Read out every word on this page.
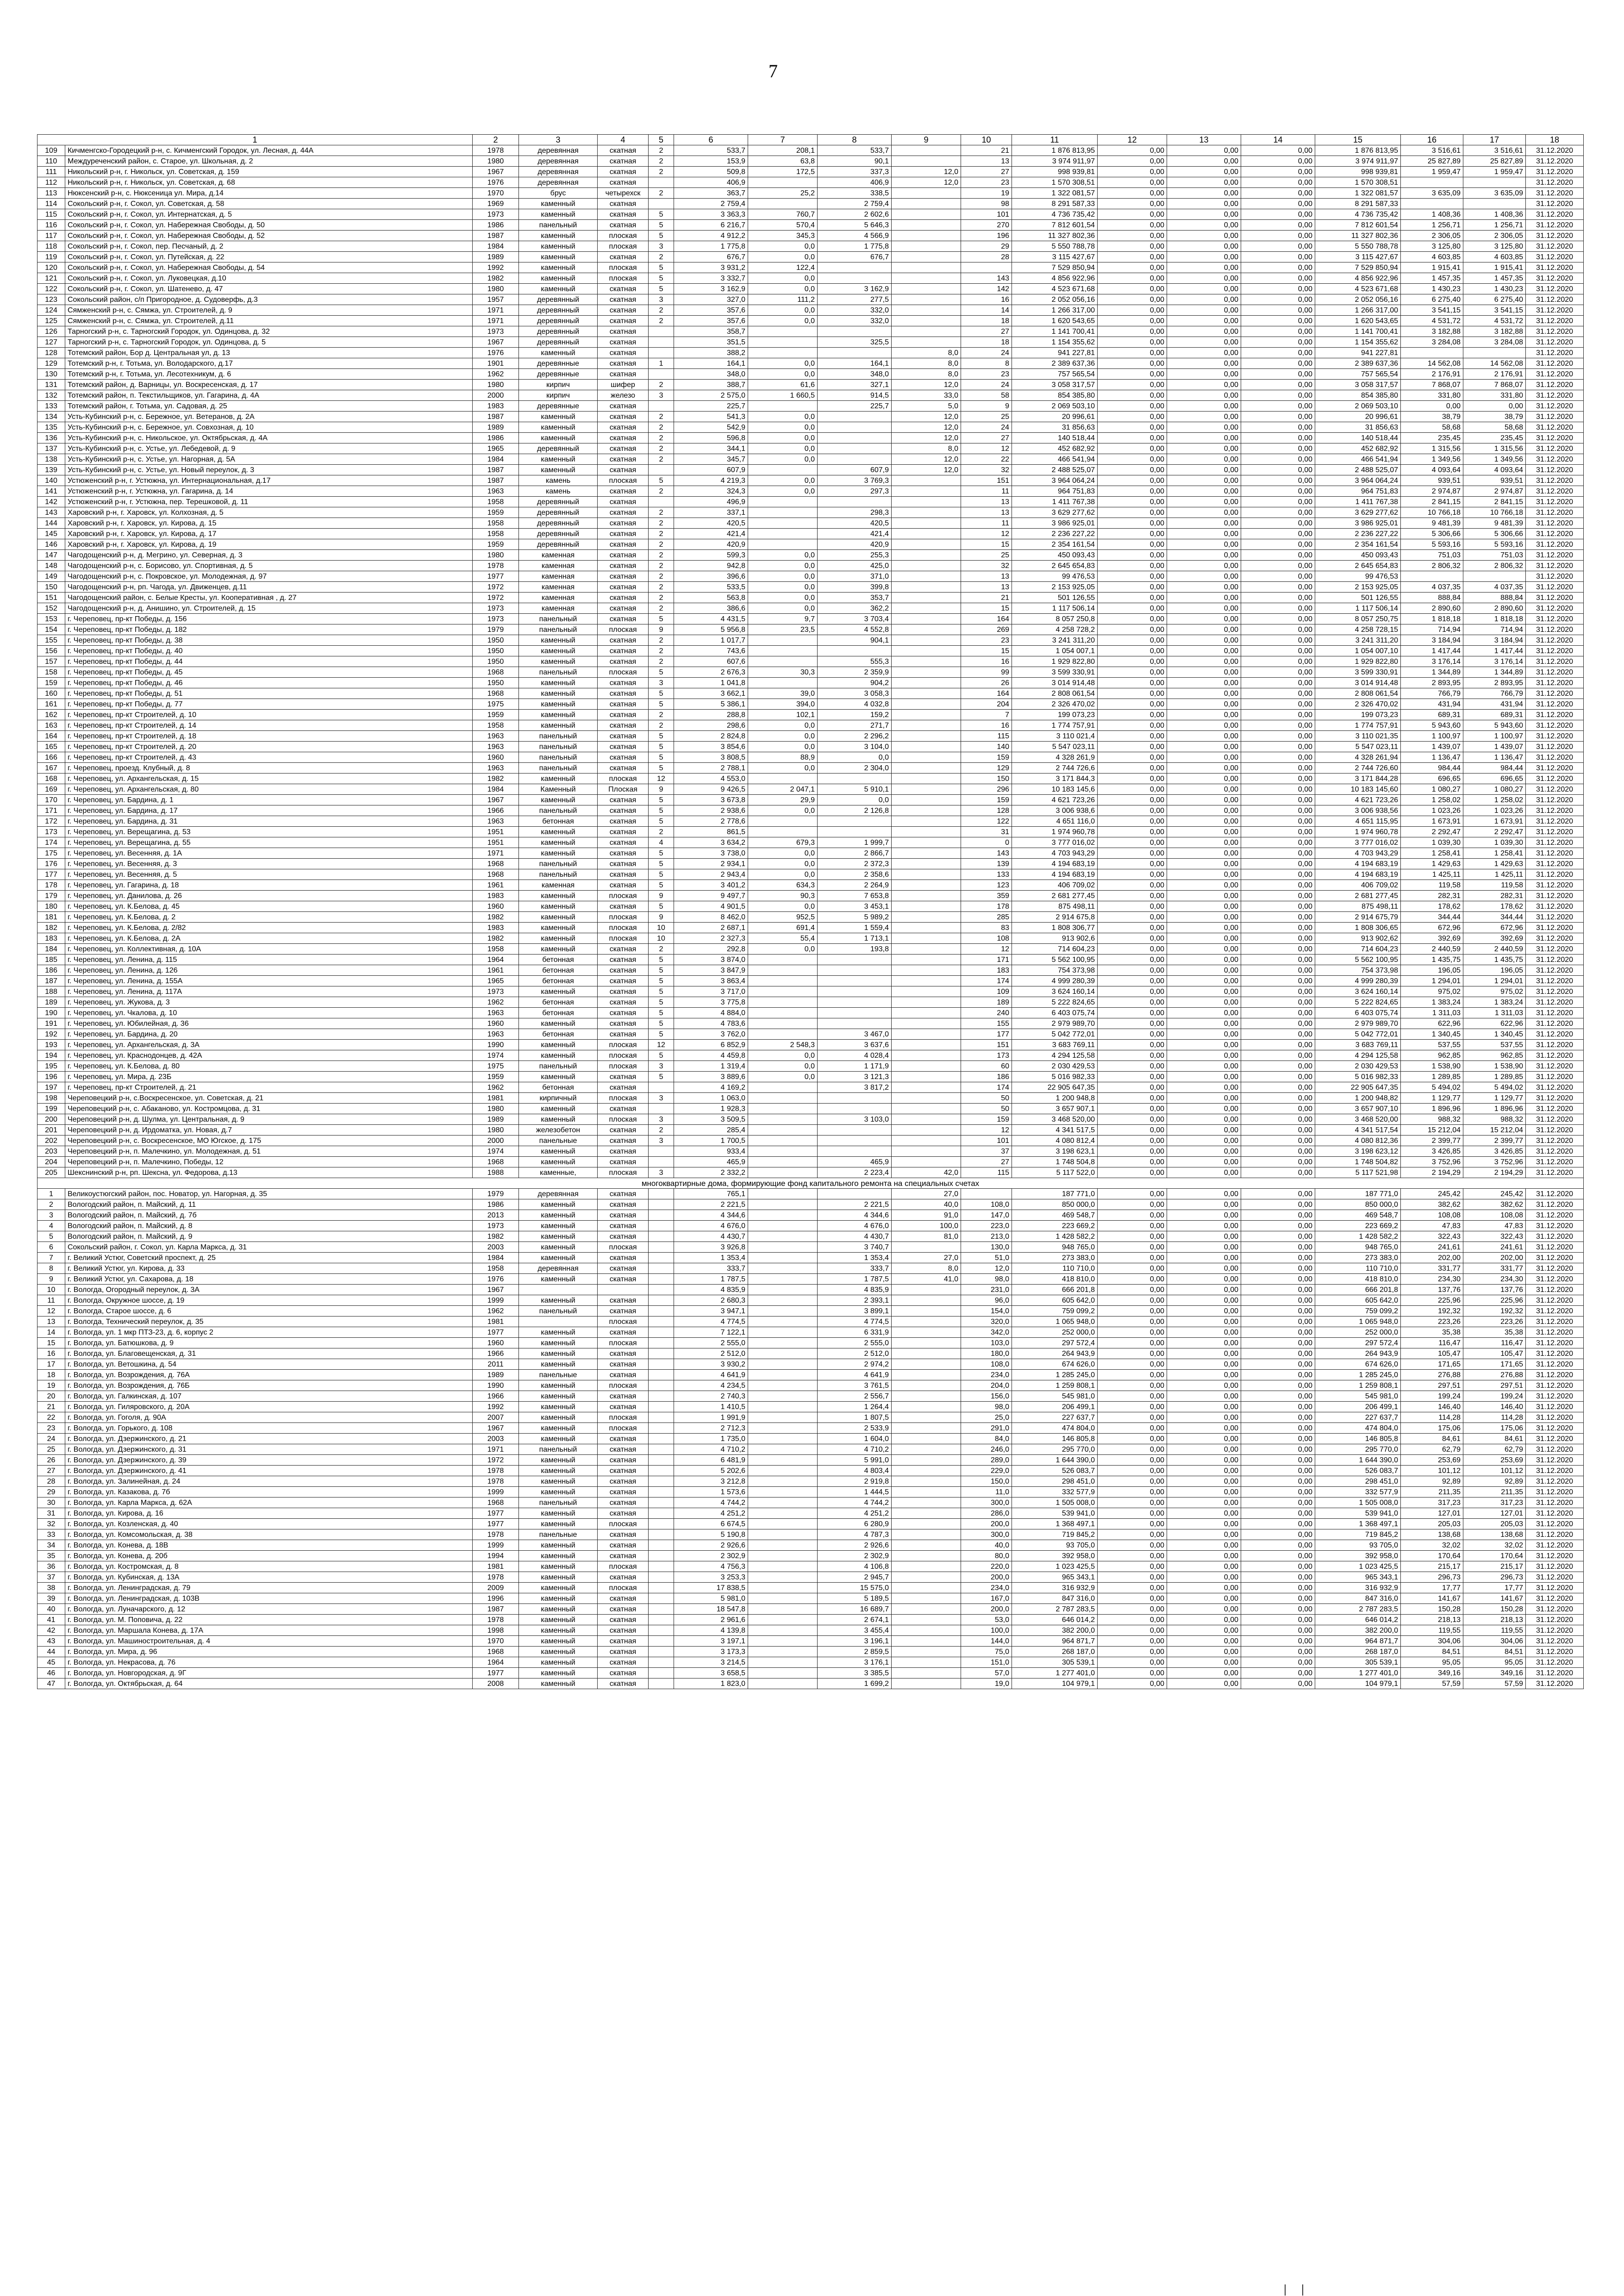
7
1		2	3	4	5	6	7	8	9	10	11	12	13	14	15	16	17	18
109	Кичменгско-Городецкий р-н, с. Кичменгский Городок, ул. Лесная, д. 44А	1978	деревянная	скатная	2	533,7	208,1	533,7		21	1 876 813,95	0,00	0,00	0,00	1 876 813,95	3 516,61	3 516,61	31.12.2020
110	Междуреченский район, с. Старое, ул. Школьная, д. 2	1980	деревянная	скатная	2	153,9	63,8	90,1		13	3 974 911,97	0,00	0,00	0,00	3 974 911,97	25 827,89	25 827,89	31.12.2020
111	Никольский р-н, г. Никольск, ул. Советская, д. 159	1967	деревянная	скатная	2	509,8	172,5	337,3	12,0	27	998 939,81	0,00	0,00	0,00	998 939,81	1 959,47	1 959,47	31.12.2020
112	Никольский р-н, г. Никольск, ул. Советская, д. 68	1976	деревянная	скатная		406,9		406,9	12,0	23	1 570 308,51	0,00	0,00	0,00	1 570 308,51			31.12.2020
113	Нюксенский р-н, с. Нюксеница ул. Мира, д.14	1970	брус	четырехск	2	363,7	25,2	338,5		19	1 322 081,57	0,00	0,00	0,00	1 322 081,57	3 635,09	3 635,09	31.12.2020
114	Сокольский р-н, г. Сокол, ул. Советская, д. 58	1969	каменный	скатная		2 759,4		2 759,4		98	8 291 587,33	0,00	0,00	0,00	8 291 587,33			31.12.2020
115	Сокольский р-н, г. Сокол, ул. Интернатская, д. 5	1973	каменный	скатная	5	3 363,3	760,7	2 602,6		101	4 736 735,42	0,00	0,00	0,00	4 736 735,42	1 408,36	1 408,36	31.12.2020
116	Сокольский р-н, г. Сокол, ул. Набережная Свободы, д. 50	1986	панельный	скатная	5	6 216,7	570,4	5 646,3		270	7 812 601,54	0,00	0,00	0,00	7 812 601,54	1 256,71	1 256,71	31.12.2020
117	Сокольский р-н, г. Сокол, ул. Набережная Свободы, д. 52	1987	каменный	плоская	5	4 912,2	345,3	4 566,9		196	11 327 802,36	0,00	0,00	0,00	11 327 802,36	2 306,05	2 306,05	31.12.2020
118	Сокольский р-н, г. Сокол, пер. Песчаный, д. 2	1984	каменный	плоская	3	1 775,8	0,0	1 775,8		29	5 550 788,78	0,00	0,00	0,00	5 550 788,78	3 125,80	3 125,80	31.12.2020
119	Сокольский р-н, г. Сокол, ул. Путейская, д. 22	1989	каменный	скатная	2	676,7	0,0	676,7		28	3 115 427,67	0,00	0,00	0,00	3 115 427,67	4 603,85	4 603,85	31.12.2020
120	Сокольский р-н, г. Сокол, ул. Набережная Свободы, д. 54	1992	каменный	плоская	5	3 931,2	122,4				7 529 850,94	0,00	0,00	0,00	7 529 850,94	1 915,41	1 915,41	31.12.2020
121	Сокольский р-н, г. Сокол, ул. Луковецкая, д.10	1982	каменный	плоская	5	3 332,7	0,0			143	4 856 922,96	0,00	0,00	0,00	4 856 922,96	1 457,35	1 457,35	31.12.2020
122	Сокольский р-н, г. Сокол, ул. Шатенево, д. 47	1980	каменный	скатная	5	3 162,9	0,0	3 162,9		142	4 523 671,68	0,00	0,00	0,00	4 523 671,68	1 430,23	1 430,23	31.12.2020
123	Сокольский район, с/п Пригородное, д. Судоверфь, д.3	1957	деревянный	скатная	3	327,0	111,2	277,5		16	2 052 056,16	0,00	0,00	0,00	2 052 056,16	6 275,40	6 275,40	31.12.2020
124	Сямженский р-н, с. Сямжа, ул. Строителей, д. 9	1971	деревянный	скатная	2	357,6	0,0	332,0		14	1 266 317,00	0,00	0,00	0,00	1 266 317,00	3 541,15	3 541,15	31.12.2020
125	Сямженский р-н, с. Сямжа, ул. Строителей, д.11	1971	деревянный	скатная	2	357,6	0,0	332,0		18	1 620 543,65	0,00	0,00	0,00	1 620 543,65	4 531,72	4 531,72	31.12.2020
126	Тарногский р-н, с. Тарногский Городок, ул. Одинцова, д. 32	1973	деревянный	скатная		358,7				27	1 141 700,41	0,00	0,00	0,00	1 141 700,41	3 182,88	3 182,88	31.12.2020
127	Тарногский р-н, с. Тарногский Городок, ул. Одинцова, д. 5	1967	деревянный	скатная		351,5		325,5		18	1 154 355,62	0,00	0,00	0,00	1 154 355,62	3 284,08	3 284,08	31.12.2020
128	Тотемский район, Бор д. Центральная ул, д. 13	1976	каменный	скатная		388,2			8,0	24	941 227,81	0,00	0,00	0,00	941 227,81			31.12.2020
129	Тотемский р-н, г. Тотьма, ул. Володарского, д.17	1901	деревянные	скатная	1	164,1	0,0	164,1	8,0	8	2 389 637,36	0,00	0,00	0,00	2 389 637,36	14 562,08	14 562,08	31.12.2020
130	Тотемский р-н, г. Тотьма, ул. Лесотехникум, д. 6	1962	деревянные	скатная		348,0	0,0	348,0	8,0	23	757 565,54	0,00	0,00	0,00	757 565,54	2 176,91	2 176,91	31.12.2020
131	Тотемский район, д. Варницы, ул. Воскресенская, д. 17	1980	кирпич	шифер	2	388,7	61,6	327,1	12,0	24	3 058 317,57	0,00	0,00	0,00	3 058 317,57	7 868,07	7 868,07	31.12.2020
132	Тотемский район, п. Текстильщиков, ул. Гагарина, д. 4А	2000	кирпич	железо	3	2 575,0	1 660,5	914,5	33,0	58	854 385,80	0,00	0,00	0,00	854 385,80	331,80	331,80	31.12.2020
133	Тотемский район, г. Тотьма, ул. Садовая, д. 25	1983	деревянные	скатная		225,7		225,7	5,0	9	2 069 503,10	0,00	0,00	0,00	2 069 503,10	0,00	0,00	31.12.2020
134	Усть-Кубинский р-н, с. Бережное, ул. Ветеранов, д. 2А	1987	каменный	скатная	2	541,3	0,0		12,0	25	20 996,61	0,00	0,00	0,00	20 996,61	38,79	38,79	31.12.2020
135	Усть-Кубинский р-н, с. Бережное, ул. Совхозная, д. 10	1989	каменный	скатная	2	542,9	0,0		12,0	24	31 856,63	0,00	0,00	0,00	31 856,63	58,68	58,68	31.12.2020
136	Усть-Кубинский р-н, с. Никольское, ул. Октябрьская, д. 4А	1986	каменный	скатная	2	596,8	0,0		12,0	27	140 518,44	0,00	0,00	0,00	140 518,44	235,45	235,45	31.12.2020
137	Усть-Кубинский р-н, с. Устье, ул. Лебедевой, д. 9	1965	деревянный	скатная	2	344,1	0,0		8,0	12	452 682,92	0,00	0,00	0,00	452 682,92	1 315,56	1 315,56	31.12.2020
138	Усть-Кубинский р-н, с. Устье, ул. Нагорная, д. 5А	1984	каменный	скатная	2	345,7	0,0		12,0	22	466 541,94	0,00	0,00	0,00	466 541,94	1 349,56	1 349,56	31.12.2020
139	Усть-Кубинский р-н, с. Устье, ул. Новый переулок, д. 3	1987	каменный	скатная		607,9		607,9	12,0	32	2 488 525,07	0,00	0,00	0,00	2 488 525,07	4 093,64	4 093,64	31.12.2020
140	Устюженский р-н, г. Устюжна, ул. Интернациональная, д.17	1987	камень	плоская	5	4 219,3	0,0	3 769,3		151	3 964 064,24	0,00	0,00	0,00	3 964 064,24	939,51	939,51	31.12.2020
141	Устюженский р-н, г. Устюжна, ул. Гагарина, д. 14	1963	камень	скатная	2	324,3	0,0	297,3		11	964 751,83	0,00	0,00	0,00	964 751,83	2 974,87	2 974,87	31.12.2020
142	Устюженский р-н, г. Устюжна, пер. Терешковой, д. 11	1958	деревянный	скатная		496,9				13	1 411 767,38	0,00	0,00	0,00	1 411 767,38	2 841,15	2 841,15	31.12.2020
143	Харовский р-н, г. Харовск, ул. Колхозная, д. 5	1959	деревянный	скатная	2	337,1		298,3		13	3 629 277,62	0,00	0,00	0,00	3 629 277,62	10 766,18	10 766,18	31.12.2020
144	Харовский р-н, г. Харовск, ул. Кирова, д. 15	1958	деревянный	скатная	2	420,5		420,5		11	3 986 925,01	0,00	0,00	0,00	3 986 925,01	9 481,39	9 481,39	31.12.2020
145	Харовский р-н, г. Харовск, ул. Кирова, д. 17	1958	деревянный	скатная	2	421,4		421,4		12	2 236 227,22	0,00	0,00	0,00	2 236 227,22	5 306,66	5 306,66	31.12.2020
146	Харовский р-н, г. Харовск, ул. Кирова, д. 19	1959	деревянный	скатная	2	420,9		420,9		15	2 354 161,54	0,00	0,00	0,00	2 354 161,54	5 593,16	5 593,16	31.12.2020
147	Чагодощенский р-н, д. Мегрино, ул. Северная, д. 3	1980	каменная	скатная	2	599,3	0,0	255,3		25	450 093,43	0,00	0,00	0,00	450 093,43	751,03	751,03	31.12.2020
148	Чагодощенский р-н, с. Борисово, ул. Спортивная, д. 5	1978	каменная	скатная	2	942,8	0,0	425,0		32	2 645 654,83	0,00	0,00	0,00	2 645 654,83	2 806,32	2 806,32	31.12.2020
149	Чагодощенский р-н, с. Покровское, ул. Молодежная, д. 97	1977	каменная	скатная	2	396,6	0,0	371,0		13	99 476,53	0,00	0,00	0,00	99 476,53			31.12.2020
150	Чагодощенский р-н, рп. Чагода, ул. Движенцев, д.11	1972	каменная	скатная	2	533,5	0,0	399,8		13	2 153 925,05	0,00	0,00	0,00	2 153 925,05	4 037,35	4 037,35	31.12.2020
151	Чагодощенский район, с. Белые Кресты, ул. Кооперативная , д. 27	1972	каменная	скатная	2	563,8	0,0	353,7		21	501 126,55	0,00	0,00	0,00	501 126,55	888,84	888,84	31.12.2020
152	Чагодощенский р-н, д. Анишино, ул. Строителей, д. 15	1973	каменная	скатная	2	386,6	0,0	362,2		15	1 117 506,14	0,00	0,00	0,00	1 117 506,14	2 890,60	2 890,60	31.12.2020
153	г. Череповец, пр-кт Победы, д. 156	1973	панельный	скатная	5	4 431,5	9,7	3 703,4		164	8 057 250,8	0,00	0,00	0,00	8 057 250,75	1 818,18	1 818,18	31.12.2020
154	г. Череповец, пр-кт Победы, д. 182	1979	панельный	плоская	9	5 956,8	23,5	4 552,8		269	4 258 728,2	0,00	0,00	0,00	4 258 728,15	714,94	714,94	31.12.2020
155	г. Череповец, пр-кт Победы, д. 38	1950	каменный	скатная	2	1 017,7		904,1		23	3 241 311,20	0,00	0,00	0,00	3 241 311,20	3 184,94	3 184,94	31.12.2020
156	г. Череповец, пр-кт Победы, д. 40	1950	каменный	скатная	2	743,6				15	1 054 007,1	0,00	0,00	0,00	1 054 007,10	1 417,44	1 417,44	31.12.2020
157	г. Череповец, пр-кт Победы, д. 44	1950	каменный	скатная	2	607,6		555,3		16	1 929 822,80	0,00	0,00	0,00	1 929 822,80	3 176,14	3 176,14	31.12.2020
158	г. Череповец, пр-кт Победы, д. 45	1968	панельный	плоская	5	2 676,3	30,3	2 359,9		99	3 599 330,91	0,00	0,00	0,00	3 599 330,91	1 344,89	1 344,89	31.12.2020
159	г. Череповец, пр-кт Победы, д. 46	1950	каменный	скатная	3	1 041,8		904,2		26	3 014 914,48	0,00	0,00	0,00	3 014 914,48	2 893,95	2 893,95	31.12.2020
160	г. Череповец, пр-кт Победы, д. 51	1968	каменный	скатная	5	3 662,1	39,0	3 058,3		164	2 808 061,54	0,00	0,00	0,00	2 808 061,54	766,79	766,79	31.12.2020
161	г. Череповец, пр-кт Победы, д. 77	1975	каменный	скатная	5	5 386,1	394,0	4 032,8		204	2 326 470,02	0,00	0,00	0,00	2 326 470,02	431,94	431,94	31.12.2020
162	г. Череповец, пр-кт Строителей, д. 10	1959	каменный	скатная	2	288,8	102,1	159,2		7	199 073,23	0,00	0,00	0,00	199 073,23	689,31	689,31	31.12.2020
163	г. Череповец, пр-кт Строителей, д. 14	1958	каменный	скатная	2	298,6	0,0	271,7		16	1 774 757,91	0,00	0,00	0,00	1 774 757,91	5 943,60	5 943,60	31.12.2020
164	г. Череповец, пр-кт Строителей, д. 18	1963	панельный	скатная	5	2 824,8	0,0	2 296,2		115	3 110 021,4	0,00	0,00	0,00	3 110 021,35	1 100,97	1 100,97	31.12.2020
165	г. Череповец, пр-кт Строителей, д. 20	1963	панельный	скатная	5	3 854,6	0,0	3 104,0		140	5 547 023,11	0,00	0,00	0,00	5 547 023,11	1 439,07	1 439,07	31.12.2020
166	г. Череповец, пр-кт Строителей, д. 43	1960	панельный	скатная	5	3 808,5	88,9	0,0		159	4 328 261,9	0,00	0,00	0,00	4 328 261,94	1 136,47	1 136,47	31.12.2020
167	г. Череповец, проезд. Клубный, д. 8	1963	панельный	скатная	5	2 788,1	0,0	2 304,0		129	2 744 726,6	0,00	0,00	0,00	2 744 726,60	984,44	984,44	31.12.2020
168	г. Череповец, ул. Архангельская, д. 15	1982	каменный	плоская	12	4 553,0				150	3 171 844,3	0,00	0,00	0,00	3 171 844,28	696,65	696,65	31.12.2020
169	г. Череповец, ул. Архангельская, д. 80	1984	Каменный	Плоская	9	9 426,5	2 047,1	5 910,1		296	10 183 145,6	0,00	0,00	0,00	10 183 145,60	1 080,27	1 080,27	31.12.2020
170	г. Череповец, ул. Бардина, д. 1	1967	каменный	скатная	5	3 673,8	29,9	0,0		159	4 621 723,26	0,00	0,00	0,00	4 621 723,26	1 258,02	1 258,02	31.12.2020
171	г. Череповец, ул. Бардина, д. 17	1966	панельный	скатная	5	2 938,6	0,0	2 126,8		128	3 006 938,6	0,00	0,00	0,00	3 006 938,56	1 023,26	1 023,26	31.12.2020
172	г. Череповец, ул. Бардина, д. 31	1963	бетонная	скатная	5	2 778,6				122	4 651 116,0	0,00	0,00	0,00	4 651 115,95	1 673,91	1 673,91	31.12.2020
173	г. Череповец, ул. Верещагина, д. 53	1951	каменный	скатная	2	861,5				31	1 974 960,78	0,00	0,00	0,00	1 974 960,78	2 292,47	2 292,47	31.12.2020
174	г. Череповец, ул. Верещагина, д. 55	1951	каменный	скатная	4	3 634,2	679,3	1 999,7		0	3 777 016,02	0,00	0,00	0,00	3 777 016,02	1 039,30	1 039,30	31.12.2020
175	г. Череповец, ул. Весенняя, д. 1А	1971	каменный	скатная	5	3 738,0	0,0	2 866,7		143	4 703 943,29	0,00	0,00	0,00	4 703 943,29	1 258,41	1 258,41	31.12.2020
176	г. Череповец, ул. Весенняя, д. 3	1968	панельный	скатная	5	2 934,1	0,0	2 372,3		139	4 194 683,19	0,00	0,00	0,00	4 194 683,19	1 429,63	1 429,63	31.12.2020
177	г. Череповец, ул. Весенняя, д. 5	1968	панельный	скатная	5	2 943,4	0,0	2 358,6		133	4 194 683,19	0,00	0,00	0,00	4 194 683,19	1 425,11	1 425,11	31.12.2020
178	г. Череповец, ул. Гагарина, д. 18	1961	каменная	скатная	5	3 401,2	634,3	2 264,9		123	406 709,02	0,00	0,00	0,00	406 709,02	119,58	119,58	31.12.2020
179	г. Череповец, ул. Данилова, д. 26	1983	каменный	плоская	9	9 497,7	90,3	7 653,8		359	2 681 277,45	0,00	0,00	0,00	2 681 277,45	282,31	282,31	31.12.2020
180	г. Череповец, ул. К.Белова, д. 45	1960	каменный	скатная	5	4 901,5	0,0	3 453,1		178	875 498,11	0,00	0,00	0,00	875 498,11	178,62	178,62	31.12.2020
181	г. Череповец, ул. К.Белова, д. 2	1982	каменный	плоская	9	8 462,0	952,5	5 989,2		285	2 914 675,8	0,00	0,00	0,00	2 914 675,79	344,44	344,44	31.12.2020
182	г. Череповец, ул. К.Белова, д. 2/82	1983	каменный	плоская	10	2 687,1	691,4	1 559,4		83	1 808 306,77	0,00	0,00	0,00	1 808 306,65	672,96	672,96	31.12.2020
183	г. Череповец, ул. К.Белова, д. 2А	1982	каменный	плоская	10	2 327,3	55,4	1 713,1		108	913 902,6	0,00	0,00	0,00	913 902,62	392,69	392,69	31.12.2020
184	г. Череповец, ул. Коллективная, д. 10А	1958	каменный	скатная	2	292,8	0,0	193,8		12	714 604,23	0,00	0,00	0,00	714 604,23	2 440,59	2 440,59	31.12.2020
185	г. Череповец, ул. Ленина, д. 115	1964	бетонная	скатная	5	3 874,0				171	5 562 100,95	0,00	0,00	0,00	5 562 100,95	1 435,75	1 435,75	31.12.2020
186	г. Череповец, ул. Ленина, д. 126	1961	бетонная	скатная	5	3 847,9				183	754 373,98	0,00	0,00	0,00	754 373,98	196,05	196,05	31.12.2020
187	г. Череповец, ул. Ленина, д. 155А	1965	бетонная	скатная	5	3 863,4				174	4 999 280,39	0,00	0,00	0,00	4 999 280,39	1 294,01	1 294,01	31.12.2020
188	г. Череповец, ул. Ленина, д. 117А	1973	каменный	скатная	5	3 717,0				109	3 624 160,14	0,00	0,00	0,00	3 624 160,14	975,02	975,02	31.12.2020
189	г. Череповец, ул. Жукова, д. 3	1962	бетонная	скатная	5	3 775,8				189	5 222 824,65	0,00	0,00	0,00	5 222 824,65	1 383,24	1 383,24	31.12.2020
190	г. Череповец, ул. Чкалова, д. 10	1963	бетонная	скатная	5	4 884,0				240	6 403 075,74	0,00	0,00	0,00	6 403 075,74	1 311,03	1 311,03	31.12.2020
191	г. Череповец, ул. Юбилейная, д. 36	1960	каменный	скатная	5	4 783,6				155	2 979 989,70	0,00	0,00	0,00	2 979 989,70	622,96	622,96	31.12.2020
192	г. Череповец, ул. Бардина, д. 20	1963	бетонная	скатная	5	3 762,0		3 467,0		177	5 042 772,01	0,00	0,00	0,00	5 042 772,01	1 340,45	1 340,45	31.12.2020
193	г. Череповец, ул. Архангельская, д. 3А	1990	каменный	плоская	12	6 852,9	2 548,3	3 637,6		151	3 683 769,11	0,00	0,00	0,00	3 683 769,11	537,55	537,55	31.12.2020
194	г. Череповец, ул. Краснодонцев, д. 42А	1974	каменный	плоская	5	4 459,8	0,0	4 028,4		173	4 294 125,58	0,00	0,00	0,00	4 294 125,58	962,85	962,85	31.12.2020
195	г. Череповец, ул. К.Белова, д. 80	1975	панельный	плоская	3	1 319,4	0,0	1 171,9		60	2 030 429,53	0,00	0,00	0,00	2 030 429,53	1 538,90	1 538,90	31.12.2020
196	г. Череповец, ул. Мира, д. 23Б	1959	каменный	скатная	5	3 889,6	0,0	3 121,3		186	5 016 982,33	0,00	0,00	0,00	5 016 982,33	1 289,85	1 289,85	31.12.2020
197	г. Череповец, пр-кт Строителей, д. 21	1962	бетонная	скатная		4 169,2		3 817,2		174	22 905 647,35	0,00	0,00	0,00	22 905 647,35	5 494,02	5 494,02	31.12.2020
198	Череповецкий р-н, с.Воскресенское, ул. Советская, д. 21	1981	кирпичный	плоская	3	1 063,0				50	1 200 948,8	0,00	0,00	0,00	1 200 948,82	1 129,77	1 129,77	31.12.2020
199	Череповецкий р-н, с. Абакановo, ул. Костромцова, д. 31	1980	каменный	скатная		1 928,3				50	3 657 907,1	0,00	0,00	0,00	3 657 907,10	1 896,96	1 896,96	31.12.2020
200	Череповецкий р-н, д. Шулма, ул. Центральная, д. 9	1989	каменный	плоская	3	3 509,5		3 103,0		159	3 468 520,00	0,00	0,00	0,00	3 468 520,00	988,32	988,32	31.12.2020
201	Череповецкий р-н, д. Ирдоматка, ул. Новая, д.7	1980	железобетон	скатная	2	285,4				12	4 341 517,5	0,00	0,00	0,00	4 341 517,54	15 212,04	15 212,04	31.12.2020
202	Череповецкий р-н, с. Воскресенское, МО Югское, д. 175	2000	панельные	скатная	3	1 700,5				101	4 080 812,4	0,00	0,00	0,00	4 080 812,36	2 399,77	2 399,77	31.12.2020
203	Череповецкий р-н, п. Малечкино, ул. Молодежная, д. 51	1974	каменный	скатная		933,4				37	3 198 623,1	0,00	0,00	0,00	3 198 623,12	3 426,85	3 426,85	31.12.2020
204	Череповецкий р-н, п. Малечкино, Победы, 12	1968	каменный	скатная		465,9		465,9		27	1 748 504,8	0,00	0,00	0,00	1 748 504,82	3 752,96	3 752,96	31.12.2020
205	Шекснинский р-н, рп. Шексна, ул. Федорова, д.13	1988	каменные,	плоская	3	2 332,2		2 223,4	42,0	115	5 117 522,0	0,00	0,00	0,00	5 117 521,98	2 194,29	2 194,29	31.12.2020
многоквартирные дома, формирующие фонд капитального ремонта на специальных счетах																		
1	Великоустюгский район, пос. Новатор, ул. Нагорная, д. 35	1979	деревянная	скатная		765,1			27,0		187 771,0	0,00	0,00	0,00	187 771,0	245,42	245,42	31.12.2020
2	Вологодский район, п. Майский, д. 11	1986	каменный	скатная		2 221,5		2 221,5	40,0	108,0	850 000,0	0,00	0,00	0,00	850 000,0	382,62	382,62	31.12.2020
3	Вологодский район, п. Майский, д. 7б	2013	каменный	скатная		4 344,6		4 344,6	91,0	147,0	469 548,7	0,00	0,00	0,00	469 548,7	108,08	108,08	31.12.2020
4	Вологодский район, п. Майский, д. 8	1973	каменный	скатная		4 676,0		4 676,0	100,0	223,0	223 669,2	0,00	0,00	0,00	223 669,2	47,83	47,83	31.12.2020
5	Вологодский район, п. Майский, д. 9	1982	каменный	скатная		4 430,7		4 430,7	81,0	213,0	1 428 582,2	0,00	0,00	0,00	1 428 582,2	322,43	322,43	31.12.2020
6	Сокольский район, г. Сокол, ул. Карла Маркса, д. 31	2003	каменный	плоская		3 926,8		3 740,7		130,0	948 765,0	0,00	0,00	0,00	948 765,0	241,61	241,61	31.12.2020
7	г. Великий Устюг, Советский проспект, д. 25	1984	каменный	скатная		1 353,4		1 353,4	27,0	51,0	273 383,0	0,00	0,00	0,00	273 383,0	202,00	202,00	31.12.2020
8	г. Великий Устюг, ул. Кирова, д. 33	1958	деревянная	скатная		333,7		333,7	8,0	12,0	110 710,0	0,00	0,00	0,00	110 710,0	331,77	331,77	31.12.2020
9	г. Великий Устюг, ул. Сахарова, д. 18	1976	каменный	скатная		1 787,5		1 787,5	41,0	98,0	418 810,0	0,00	0,00	0,00	418 810,0	234,30	234,30	31.12.2020
10	г. Вологда, Огородный переулок, д. 3А	1967				4 835,9		4 835,9		231,0	666 201,8	0,00	0,00	0,00	666 201,8	137,76	137,76	31.12.2020
11	г. Вологда, Окружное шоссе, д. 19	1999	каменный	скатная		2 680,3		2 393,1		96,0	605 642,0	0,00	0,00	0,00	605 642,0	225,96	225,96	31.12.2020
12	г. Вологда, Старое шоссе, д. 6	1962	панельный	скатная		3 947,1		3 899,1		154,0	759 099,2	0,00	0,00	0,00	759 099,2	192,32	192,32	31.12.2020
13	г. Вологда, Технический переулок, д. 35	1981		плоская		4 774,5		4 774,5		320,0	1 065 948,0	0,00	0,00	0,00	1 065 948,0	223,26	223,26	31.12.2020
14	г. Вологда, ул. 1 мкр ПТЗ-23, д. 6, корпус 2	1977	каменный	скатная		7 122,1		6 331,9		342,0	252 000,0	0,00	0,00	0,00	252 000,0	35,38	35,38	31.12.2020
15	г. Вологда, ул. Батюшкова, д. 9	1960	каменный	плоская		2 555,0		2 555,0		103,0	297 572,4	0,00	0,00	0,00	297 572,4	116,47	116,47	31.12.2020
16	г. Вологда, ул. Благовещенская, д. 31	1966	каменный	скатная		2 512,0		2 512,0		180,0	264 943,9	0,00	0,00	0,00	264 943,9	105,47	105,47	31.12.2020
17	г. Вологда, ул. Ветошкина, д. 54	2011	каменный	скатная		3 930,2		2 974,2		108,0	674 626,0	0,00	0,00	0,00	674 626,0	171,65	171,65	31.12.2020
18	г. Вологда, ул. Возрождения, д. 76А	1989	панельные	скатная		4 641,9		4 641,9		234,0	1 285 245,0	0,00	0,00	0,00	1 285 245,0	276,88	276,88	31.12.2020
19	г. Вологда, ул. Возрождения, д. 76Б	1990	каменный	плоская		4 234,5		3 761,5		204,0	1 259 808,1	0,00	0,00	0,00	1 259 808,1	297,51	297,51	31.12.2020
20	г. Вологда, ул. Галкинская, д. 107	1966	каменный	скатная		2 740,3		2 556,7		156,0	545 981,0	0,00	0,00	0,00	545 981,0	199,24	199,24	31.12.2020
21	г. Вологда, ул. Гиляровского, д. 20А	1992	каменный	скатная		1 410,5		1 264,4		98,0	206 499,1	0,00	0,00	0,00	206 499,1	146,40	146,40	31.12.2020
22	г. Вологда, ул. Гоголя, д. 90А	2007	каменный	плоская		1 991,9		1 807,5		25,0	227 637,7	0,00	0,00	0,00	227 637,7	114,28	114,28	31.12.2020
23	г. Вологда, ул. Горького, д. 108	1967	каменный	плоская		2 712,3		2 533,9		291,0	474 804,0	0,00	0,00	0,00	474 804,0	175,06	175,06	31.12.2020
24	г. Вологда, ул. Дзержинского, д. 21	2003	каменный	скатная		1 735,0		1 604,0		84,0	146 805,8	0,00	0,00	0,00	146 805,8	84,61	84,61	31.12.2020
25	г. Вологда, ул. Дзержинского, д. 31	1971	панельный	скатная		4 710,2		4 710,2		246,0	295 770,0	0,00	0,00	0,00	295 770,0	62,79	62,79	31.12.2020
26	г. Вологда, ул. Дзержинского, д. 39	1972	каменный	скатная		6 481,9		5 991,0		289,0	1 644 390,0	0,00	0,00	0,00	1 644 390,0	253,69	253,69	31.12.2020
27	г. Вологда, ул. Дзержинского, д. 41	1978	каменный	скатная		5 202,6		4 803,4		229,0	526 083,7	0,00	0,00	0,00	526 083,7	101,12	101,12	31.12.2020
28	г. Вологда, ул. Залинейная, д. 24	1978	каменный	скатная		3 212,8		2 919,8		150,0	298 451,0	0,00	0,00	0,00	298 451,0	92,89	92,89	31.12.2020
29	г. Вологда, ул. Казакова, д. 7б	1999	каменный	скатная		1 573,6		1 444,5		11,0	332 577,9	0,00	0,00	0,00	332 577,9	211,35	211,35	31.12.2020
30	г. Вологда, ул. Карла Маркса, д. 62А	1968	панельный	скатная		4 744,2		4 744,2		300,0	1 505 008,0	0,00	0,00	0,00	1 505 008,0	317,23	317,23	31.12.2020
31	г. Вологда, ул. Кирова, д. 16	1977	каменный	скатная		4 251,2		4 251,2		286,0	539 941,0	0,00	0,00	0,00	539 941,0	127,01	127,01	31.12.2020
32	г. Вологда, ул. Козленская, д. 40	1977	каменный	плоская		6 674,5		6 280,9		200,0	1 368 497,1	0,00	0,00	0,00	1 368 497,1	205,03	205,03	31.12.2020
33	г. Вологда, ул. Комсомольская, д. 38	1978	панельные	скатная		5 190,8		4 787,3		300,0	719 845,2	0,00	0,00	0,00	719 845,2	138,68	138,68	31.12.2020
34	г. Вологда, ул. Конева, д. 18В	1999	каменный	скатная		2 926,6		2 926,6		40,0	93 705,0	0,00	0,00	0,00	93 705,0	32,02	32,02	31.12.2020
35	г. Вологда, ул. Конева, д. 20б	1994	каменный	скатная		2 302,9		2 302,9		80,0	392 958,0	0,00	0,00	0,00	392 958,0	170,64	170,64	31.12.2020
36	г. Вологда, ул. Костромская, д. 8	1981	каменный	плоская		4 756,3		4 106,8		220,0	1 023 425,5	0,00	0,00	0,00	1 023 425,5	215,17	215,17	31.12.2020
37	г. Вологда, ул. Кубинская, д. 13А	1978	каменный	скатная		3 253,3		2 945,7		200,0	965 343,1	0,00	0,00	0,00	965 343,1	296,73	296,73	31.12.2020
38	г. Вологда, ул. Ленинградская, д. 79	2009	каменный	плоская		17 838,5		15 575,0		234,0	316 932,9	0,00	0,00	0,00	316 932,9	17,77	17,77	31.12.2020
39	г. Вологда, ул. Ленинградская, д. 103В	1996	каменный	скатная		5 981,0		5 189,5		167,0	847 316,0	0,00	0,00	0,00	847 316,0	141,67	141,67	31.12.2020
40	г. Вологда, ул. Луначарского, д. 12	1987	каменный	скатная		18 547,8		16 689,7		200,0	2 787 283,5	0,00	0,00	0,00	2 787 283,5	150,28	150,28	31.12.2020
41	г. Вологда, ул. М. Поповича, д. 22	1978	каменный	скатная		2 961,6		2 674,1		53,0	646 014,2	0,00	0,00	0,00	646 014,2	218,13	218,13	31.12.2020
42	г. Вологда, ул. Маршала Конева, д. 17А	1998	каменный	скатная		4 139,8		3 455,4		100,0	382 200,0	0,00	0,00	0,00	382 200,0	119,55	119,55	31.12.2020
43	г. Вологда, ул. Машиностроительная, д. 4	1970	каменный	скатная		3 197,1		3 196,1		144,0	964 871,7	0,00	0,00	0,00	964 871,7	304,06	304,06	31.12.2020
44	г. Вологда, ул. Мира, д. 96	1968	каменный	скатная		3 173,3		2 859,5		75,0	268 187,0	0,00	0,00	0,00	268 187,0	84,51	84,51	31.12.2020
45	г. Вологда, ул. Некрасова, д. 76	1964	каменный	скатная		3 214,5		3 176,1		151,0	305 539,1	0,00	0,00	0,00	305 539,1	95,05	95,05	31.12.2020
46	г. Вологда, ул. Новгородская, д. 9Г	1977	каменный	скатная		3 658,5		3 385,5		57,0	1 277 401,0	0,00	0,00	0,00	1 277 401,0	349,16	349,16	31.12.2020
47	г. Вологда, ул. Октябрьская, д. 64	2008	каменный	скатная		1 823,0		1 699,2		19,0	104 979,1	0,00	0,00	0,00	104 979,1	57,59	57,59	31.12.2020
